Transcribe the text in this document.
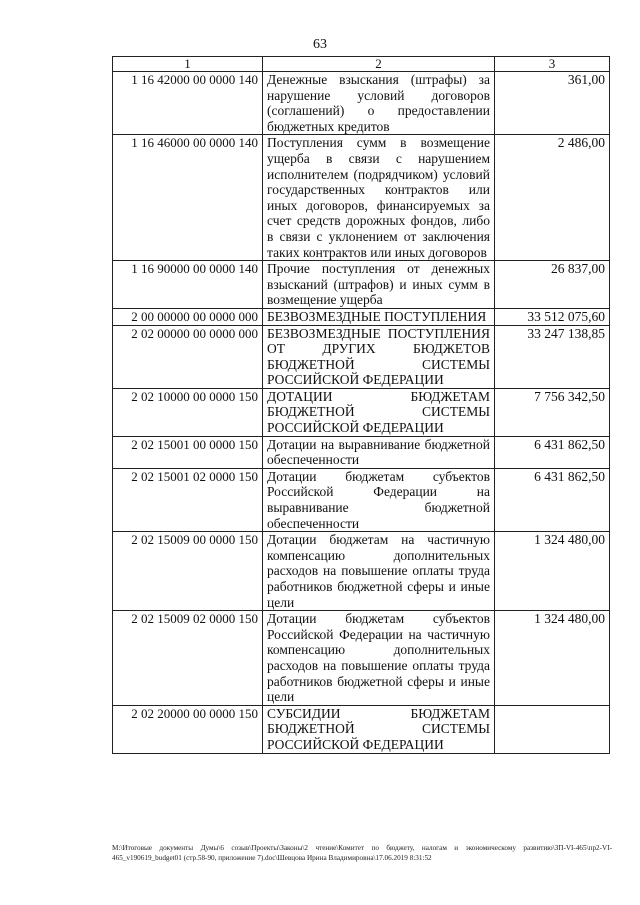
63
1	2	3
1 16 42000 00 0000 140	Денежные взыскания (штрафы) за нарушение условий договоров (соглашений) о предоставлении бюджетных кредитов	361,00
1 16 46000 00 0000 140	Поступления сумм в возмещение ущерба в связи с нарушением исполнителем (подрядчиком) условий государственных контрактов или иных договоров, финансируемых за счет средств дорожных фондов, либо в связи с уклонением от заключения таких контрактов или иных договоров	2 486,00
1 16 90000 00 0000 140	Прочие поступления от денежных взысканий (штрафов) и иных сумм в возмещение ущерба	26 837,00
2 00 00000 00 0000 000	БЕЗВОЗМЕЗДНЫЕ ПОСТУПЛЕНИЯ	33 512 075,60
2 02 00000 00 0000 000	БЕЗВОЗМЕЗДНЫЕ ПОСТУПЛЕНИЯ ОТ ДРУГИХ БЮДЖЕТОВ БЮДЖЕТНОЙ СИСТЕМЫ РОССИЙСКОЙ ФЕДЕРАЦИИ	33 247 138,85
2 02 10000 00 0000 150	ДОТАЦИИ БЮДЖЕТАМ БЮДЖЕТНОЙ СИСТЕМЫ РОССИЙСКОЙ ФЕДЕРАЦИИ	7 756 342,50
2 02 15001 00 0000 150	Дотации на выравнивание бюджетной обеспеченности	6 431 862,50
2 02 15001 02 0000 150	Дотации бюджетам субъектов Российской Федерации на выравнивание бюджетной обеспеченности	6 431 862,50
2 02 15009 00 0000 150	Дотации бюджетам на частичную компенсацию дополнительных расходов на повышение оплаты труда работников бюджетной сферы и иные цели	1 324 480,00
2 02 15009 02 0000 150	Дотации бюджетам субъектов Российской Федерации на частичную компенсацию дополнительных расходов на повышение оплаты труда работников бюджетной сферы и иные цели	1 324 480,00
2 02 20000 00 0000 150	СУБСИДИИ БЮДЖЕТАМ БЮДЖЕТНОЙ СИСТЕМЫ РОССИЙСКОЙ ФЕДЕРАЦИИ	
M:\Итоговые документы Думы\6 созыв\Проекты\Законы\2 чтение\Комитет по бюджету, налогам и экономическому развитию\ЗП-VI-465\пр2-VI-465_v190619_budget01 (стр.58-90, приложение 7).doc\Шевцова Ирина Владимировна\17.06.2019 8:31:52
